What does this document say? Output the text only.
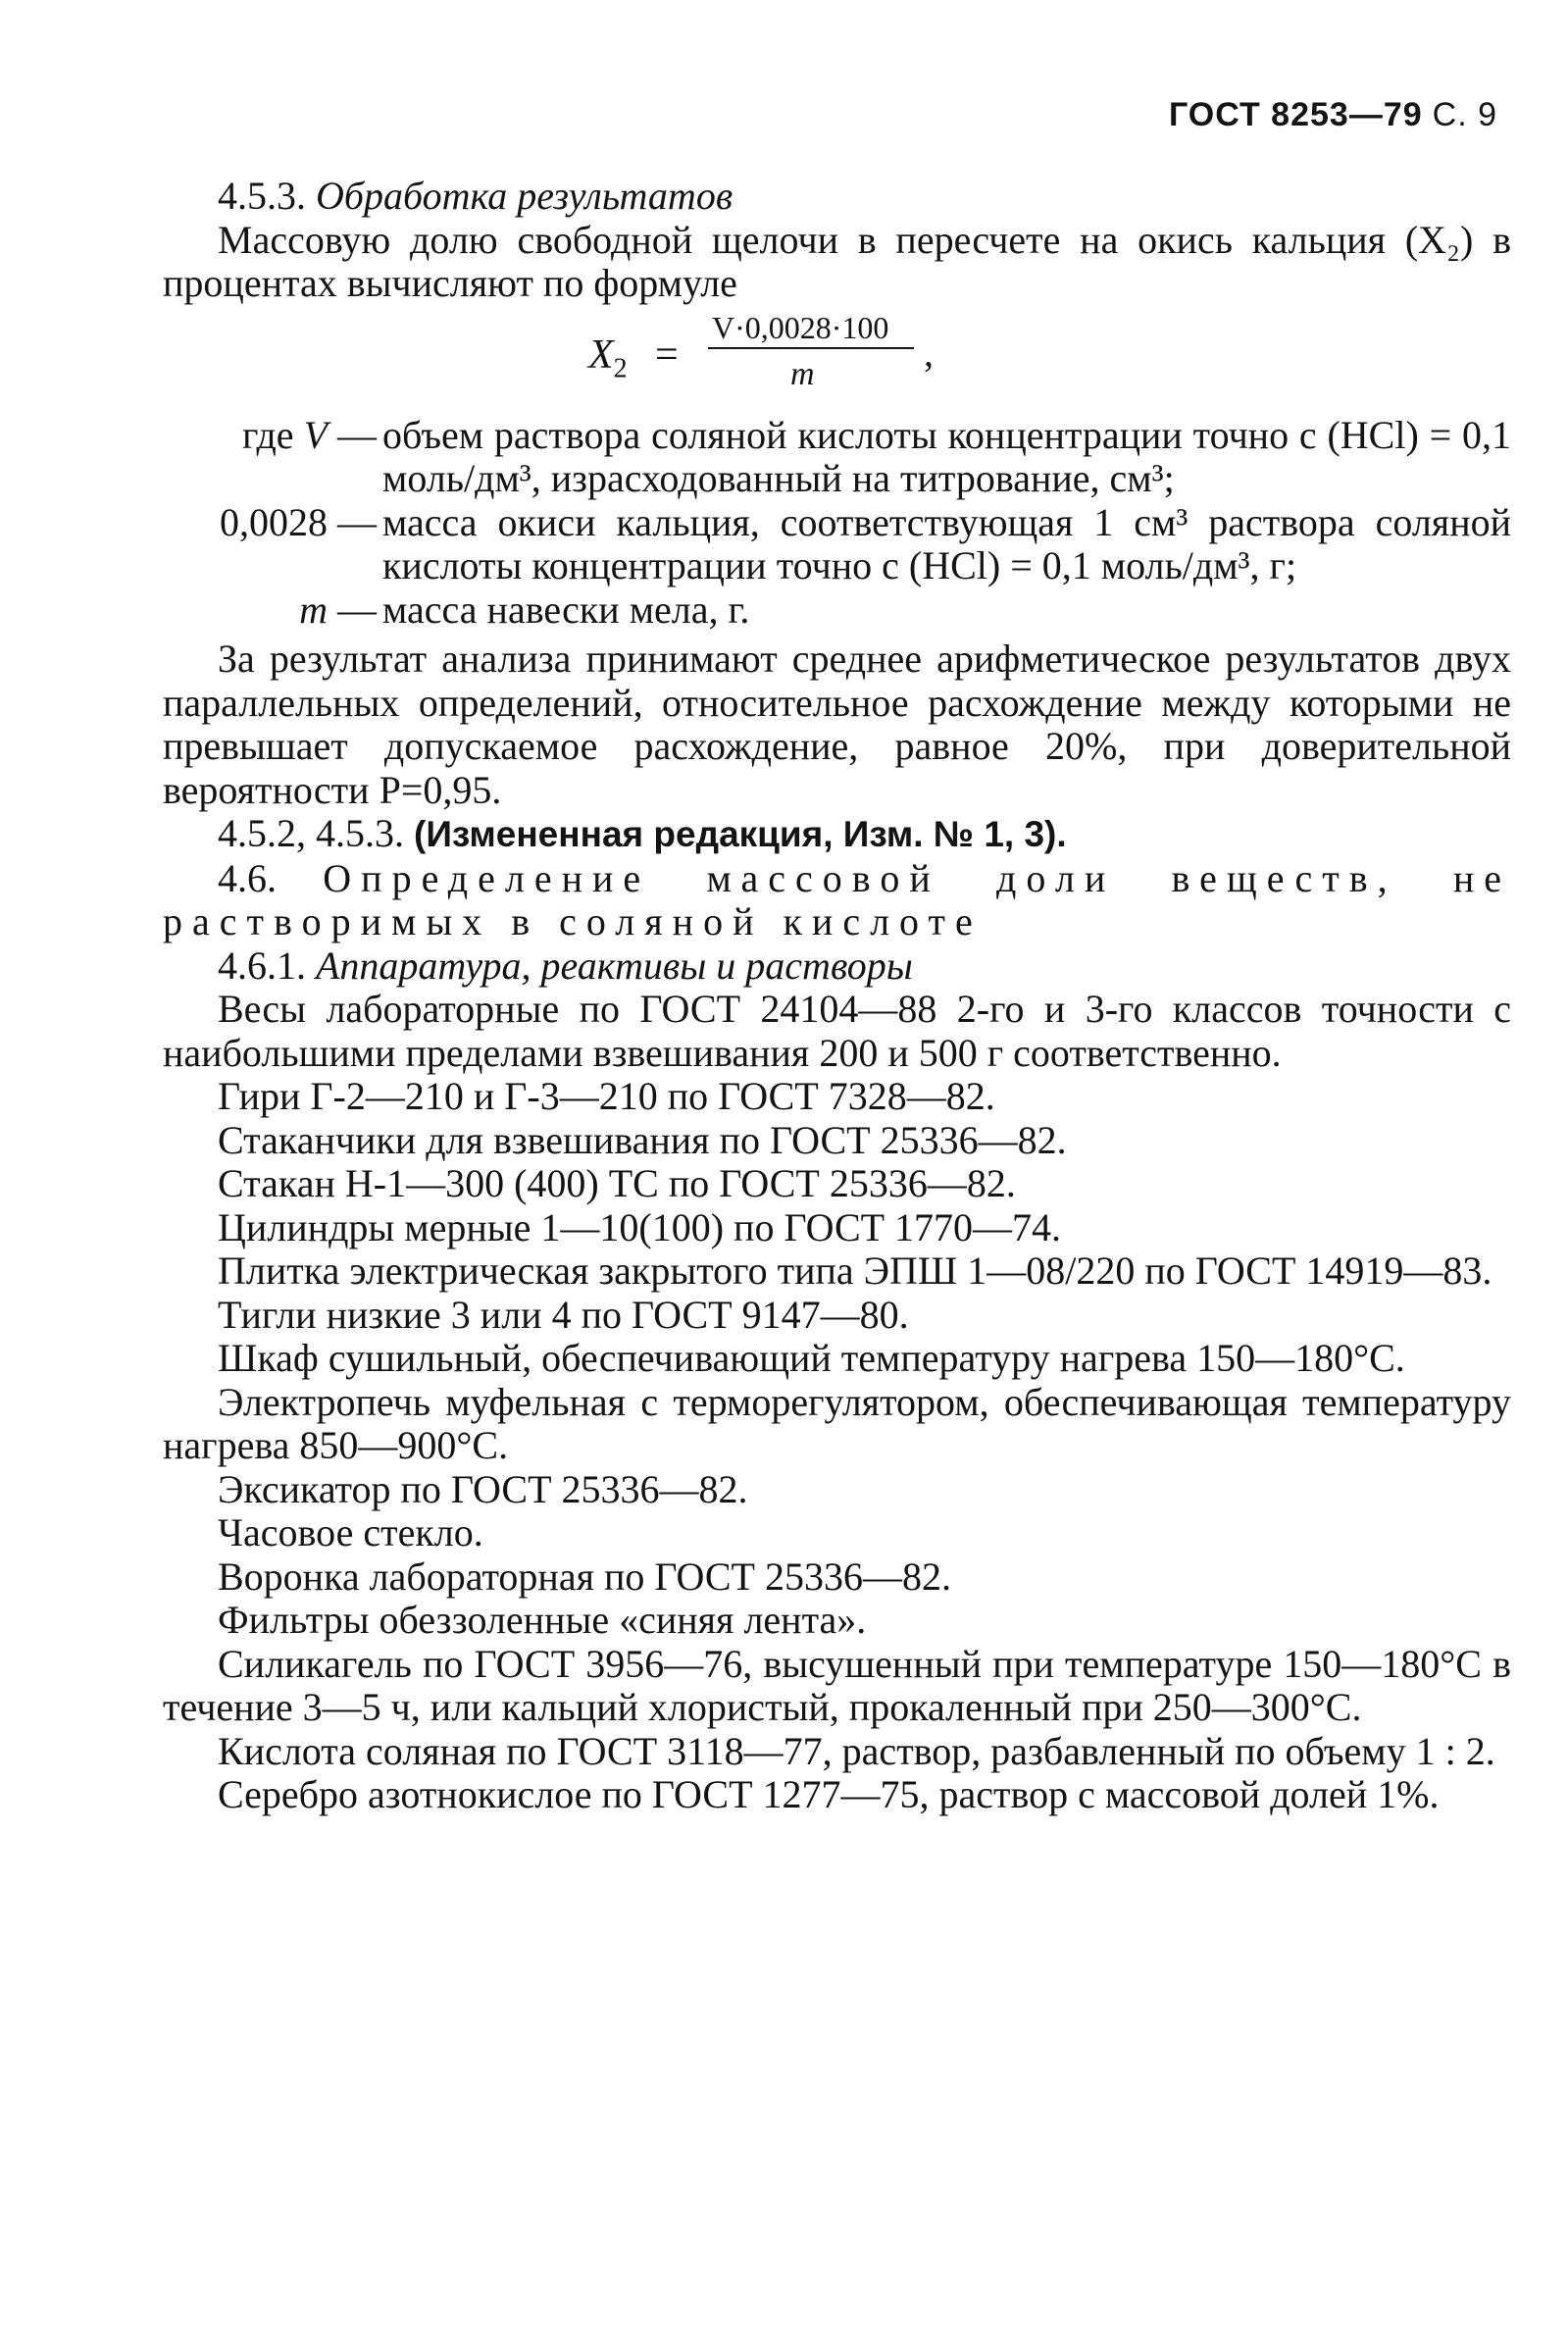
ГОСТ 8253—79 С. 9

4.5.3. Обработка результатов

Массовую долю свободной щелочи в пересчете на окись кальция (X₂) в процентах вычисляют по формуле

$X_2$ =
V·0,0028·100
m	,
где V — объем раствора соляной кислоты концентрации точно c (HCl) = 0,1 моль/дм³, израсходованный на титрование, см³;
0,0028 — масса окиси кальция, соответствующая 1 см³ раствора соляной кислоты концентрации точно c (HCl) = 0,1 моль/дм³, г;
m — масса навески мела, г.

За результат анализа принимают среднее арифметическое результатов двух параллельных определений, относительное расхождение между которыми не превышает допускаемое расхождение, равное 20%, при доверительной вероятности P=0,95.

4.5.2, 4.5.3. (Измененная редакция, Изм. № 1, 3).

4.6. Определение массовой доли веществ, не растворимых в соляной кислоте

4.6.1. Аппаратура, реактивы и растворы

Весы лабораторные по ГОСТ 24104—88 2-го и 3-го классов точности с наибольшими пределами взвешивания 200 и 500 г соответственно.

Гири Г-2—210 и Г-3—210 по ГОСТ 7328—82.

Стаканчики для взвешивания по ГОСТ 25336—82.

Стакан Н-1—300 (400) ТС по ГОСТ 25336—82.

Цилиндры мерные 1—10(100) по ГОСТ 1770—74.

Плитка электрическая закрытого типа ЭПШ 1—08/220 по ГОСТ 14919—83.

Тигли низкие 3 или 4 по ГОСТ 9147—80.

Шкаф сушильный, обеспечивающий температуру нагрева 150—180°С.

Электропечь муфельная с терморегулятором, обеспечивающая температуру нагрева 850—900°С.

Эксикатор по ГОСТ 25336—82.

Часовое стекло.

Воронка лабораторная по ГОСТ 25336—82.

Фильтры обеззоленные «синяя лента».

Силикагель по ГОСТ 3956—76, высушенный при температуре 150—180°С в течение 3—5 ч, или кальций хлористый, прокаленный при 250—300°С.

Кислота соляная по ГОСТ 3118—77, раствор, разбавленный по объему 1 : 2.

Серебро азотнокислое по ГОСТ 1277—75, раствор с массовой долей 1%.
